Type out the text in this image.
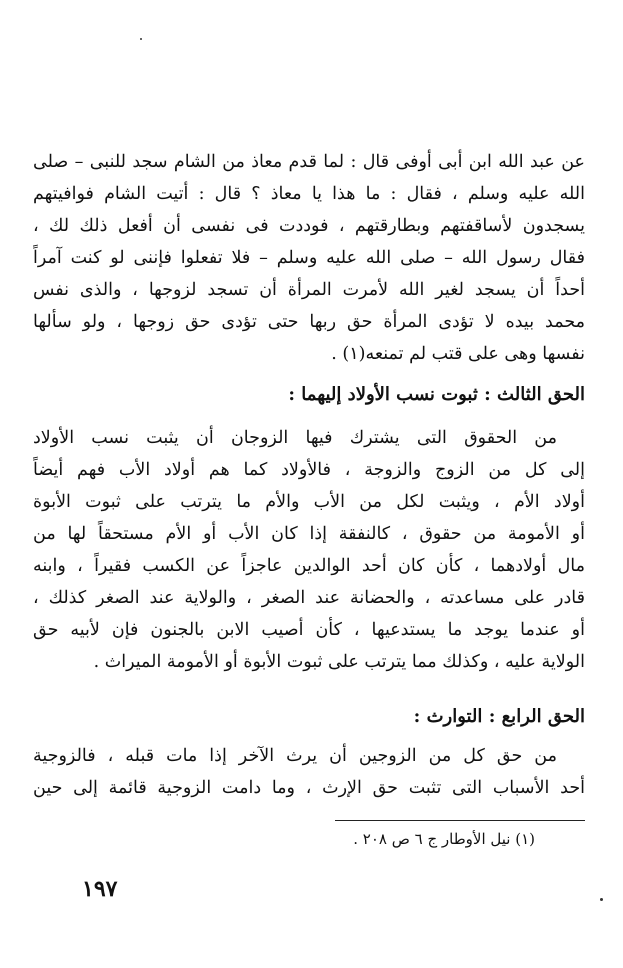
عن عبد الله ابن أبى أوفى قال : لما قدم معاذ من الشام سجد للنبى – صلى
الله عليه وسلم ، فقال : ما هذا يا معاذ ؟ قال : أتيت الشام فوافيتهم
يسجدون لأساقفتهم وبطارقتهم ، فوددت فى نفسى أن أفعل ذلك لك ،
فقال رسول الله – صلى الله عليه وسلم – فلا تفعلوا فإننى لو كنت آمراً
أحداً أن يسجد لغير الله لأمرت المرأة أن تسجد لزوجها ، والذى نفس
محمد بيده لا تؤدى المرأة حق ربها حتى تؤدى حق زوجها ، ولو سألها
نفسها وهى على قتب لم تمنعه(١) .
الحق الثالث : ثبوت نسب الأولاد إليهما :
من الحقوق التى يشترك فيها الزوجان أن يثبت نسب الأولاد
إلى كل من الزوج والزوجة ، فالأولاد كما هم أولاد الأب فهم أيضاً
أولاد الأم ، ويثبت لكل من الأب والأم ما يترتب على ثبوت الأبوة
أو الأمومة من حقوق ، كالنفقة إذا كان الأب أو الأم مستحقاً لها من
مال أولادهما ، كأن كان أحد الوالدين عاجزاً عن الكسب فقيراً ، وابنه
قادر على مساعدته ، والحضانة عند الصغر ، والولاية عند الصغر كذلك ،
أو عندما يوجد ما يستدعيها ، كأن أصيب الابن بالجنون فإن لأبيه حق
الولاية عليه ، وكذلك مما يترتب على ثبوت الأبوة أو الأمومة الميراث .
الحق الرابع : التوارث :
من حق كل من الزوجين أن يرث الآخر إذا مات قبله ، فالزوجية
أحد الأسباب التى تثبت حق الإرث ، وما دامت الزوجية قائمة إلى حين
(١) نيل الأوطار ج ٦ ص ٢٠٨ .
١٩٧
